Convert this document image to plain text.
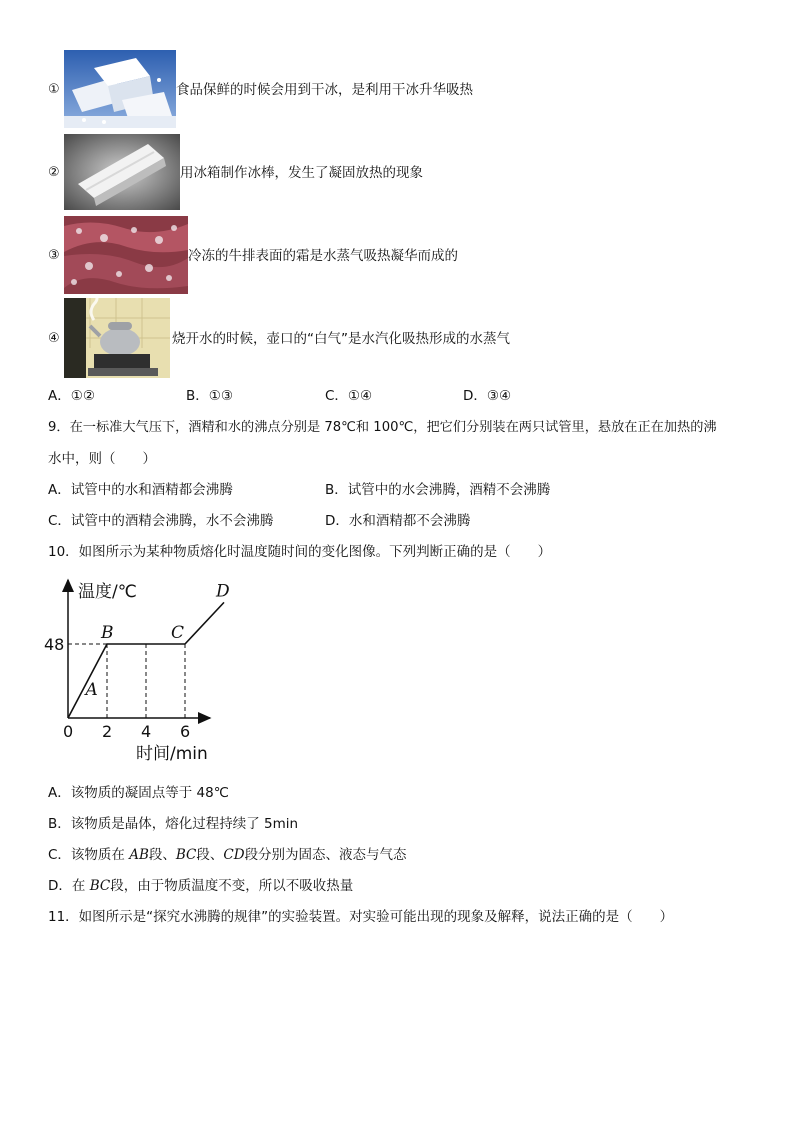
①	食品保鲜的时候会用到干冰，是利用干冰升华吸热
②	用冰箱制作冰棒，发生了凝固放热的现象
③	冷冻的牛排表面的霜是水蒸气吸热凝华而成的
④	烧开水的时候，壶口的“白气”是水汽化吸热形成的水蒸气
A．①②	B．①③	C．①④	D．③④
9．在一标准大气压下，酒精和水的沸点分别是 78℃和 100℃，把它们分别装在两只试管里，悬放在正在加热的沸
水中，则（　　）
A．试管中的水和酒精都会沸腾	B．试管中的水会沸腾，酒精不会沸腾
C．试管中的酒精会沸腾，水不会沸腾	D．水和酒精都不会沸腾
10．如图所示为某种物质熔化时温度随时间的变化图像。下列判断正确的是（　　）
温度/℃
时间/min
0 2 4 6
48
A
B	C
D
A．该物质的凝固点等于 48℃
B．该物质是晶体，熔化过程持续了 5min
C．该物质在 AB段、BC段、CD段分别为固态、液态与气态
D．在 BC段，由于物质温度不变，所以不吸收热量
11．如图所示是“探究水沸腾的规律”的实验装置。对实验可能出现的现象及解释，说法正确的是（　　）
